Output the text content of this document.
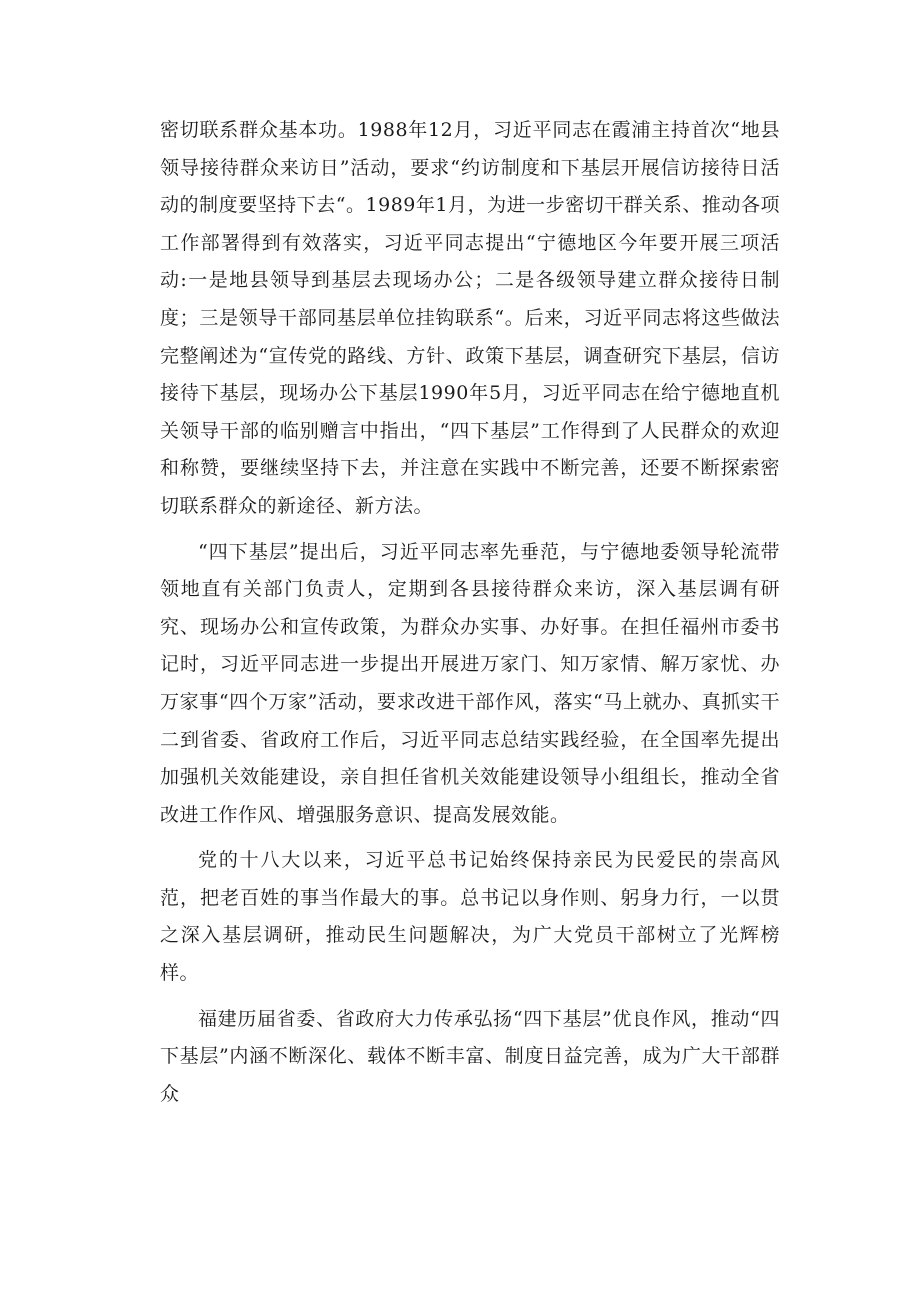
密切联系群众基本功。1988年12月，习近平同志在霞浦主持首次“地县领导接待群众来访日”活动，要求“约访制度和下基层开展信访接待日活动的制度要坚持下去“。1989年1月，为进一步密切干群关系、推动各项工作部署得到有效落实，习近平同志提出“宁德地区今年要开展三项活动:一是地县领导到基层去现场办公；二是各级领导建立群众接待日制度；三是领导干部同基层单位挂钩联系“。后来，习近平同志将这些做法完整阐述为“宣传党的路线、方针、政策下基层，调查研究下基层，信访接待下基层，现场办公下基层1990年5月，习近平同志在给宁德地直机关领导干部的临别赠言中指出，“四下基层”工作得到了人民群众的欢迎和称赞，要继续坚持下去，并注意在实践中不断完善，还要不断探索密切联系群众的新途径、新方法。

“四下基层”提出后，习近平同志率先垂范，与宁德地委领导轮流带领地直有关部门负责人，定期到各县接待群众来访，深入基层调有研究、现场办公和宣传政策，为群众办实事、办好事。在担任福州市委书记时，习近平同志进一步提出开展进万家门、知万家情、解万家忧、办万家事“四个万家”活动，要求改进干部作风，落实“马上就办、真抓实干二到省委、省政府工作后，习近平同志总结实践经验，在全国率先提出加强机关效能建设，亲自担任省机关效能建设领导小组组长，推动全省改进工作作风、增强服务意识、提高发展效能。

党的十八大以来，习近平总书记始终保持亲民为民爱民的崇高风范，把老百姓的事当作最大的事。总书记以身作则、躬身力行，一以贯之深入基层调研，推动民生问题解决，为广大党员干部树立了光辉榜样。

福建历届省委、省政府大力传承弘扬“四下基层”优良作风，推动“四下基层”内涵不断深化、载体不断丰富、制度日益完善，成为广大干部群众
